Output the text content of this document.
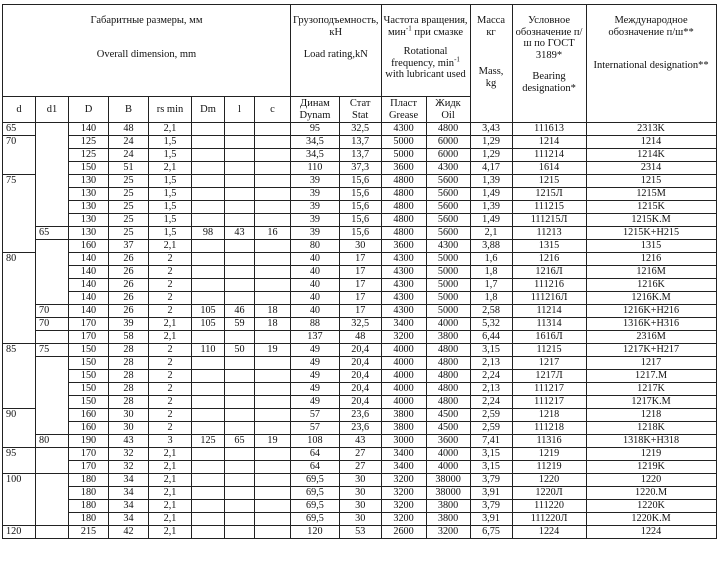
Габаритные размеры, мм
Overall dimension, mm								Грузоподъемность, кН
Load rating,kN		Частота вращения, мин$^{-1}$ при смазке
Rotational frequency, $\min^{-1}$ with lubricant used		Масса кг
Mass, kg	Условное обозначение п/ш по ГОСТ 3189*
Bearing designation*	Международное обозначение п/ш**
International designation**
d	d1	D	B	rs min	Dm	l	c	Динам Dynam	Стат Stat	Пласт Grease	Жидк Oil			
65		140	48	2,1				95	32,5	4300	4800	3,43	111613	2313K
70		125	24	1,5				34,5	13,7	5000	6000	1,29	1214	1214
		125	24	1,5				34,5	13,7	5000	6000	1,29	111214	1214K
		150	51	2,1				110	37,3	3600	4300	4,17	1614	2314
75		130	25	1,5				39	15,6	4800	5600	1,39	1215	1215
		130	25	1,5				39	15,6	4800	5600	1,49	1215Л	1215M
		130	25	1,5				39	15,6	4800	5600	1,39	111215	1215K
		130	25	1,5				39	15,6	4800	5600	1,49	111215Л	1215K.M
	65	130	25	1,5	98	43	16	39	15,6	4800	5600	2,1	11213	1215K+H215
		160	37	2,1				80	30	3600	4300	3,88	1315	1315
80		140	26	2				40	17	4300	5000	1,6	1216	1216
		140	26	2				40	17	4300	5000	1,8	1216Л	1216M
		140	26	2				40	17	4300	5000	1,7	111216	1216K
		140	26	2				40	17	4300	5000	1,8	111216Л	1216K.M
	70	140	26	2	105	46	18	40	17	4300	5000	2,58	11214	1216K+H216
	70	170	39	2,1	105	59	18	88	32,5	3400	4000	5,32	11314	1316K+H316
		170	58	2,1				137	48	3200	3800	6,44	1616Л	2316M
85	75	150	28	2	110	50	19	49	20,4	4000	4800	3,15	11215	1217K+H217
		150	28	2				49	20,4	4000	4800	2,13	1217	1217
		150	28	2				49	20,4	4000	4800	2,24	1217Л	1217.M
		150	28	2				49	20,4	4000	4800	2,13	111217	1217K
		150	28	2				49	20,4	4000	4800	2,24	111217	1217K.M
90		160	30	2				57	23,6	3800	4500	2,59	1218	1218
		160	30	2				57	23,6	3800	4500	2,59	111218	1218K
	80	190	43	3	125	65	19	108	43	3000	3600	7,41	11316	1318K+H318
95		170	32	2,1				64	27	3400	4000	3,15	1219	1219
		170	32	2,1				64	27	3400	4000	3,15	11219	1219K
100		180	34	2,1				69,5	30	3200	38000	3,79	1220	1220
		180	34	2,1				69,5	30	3200	38000	3,91	1220Л	1220.M
		180	34	2,1				69,5	30	3200	3800	3,79	111220	1220K
		180	34	2,1				69,5	30	3200	3800	3,91	111220Л	1220K.M
120		215	42	2,1				120	53	2600	3200	6,75	1224	1224
